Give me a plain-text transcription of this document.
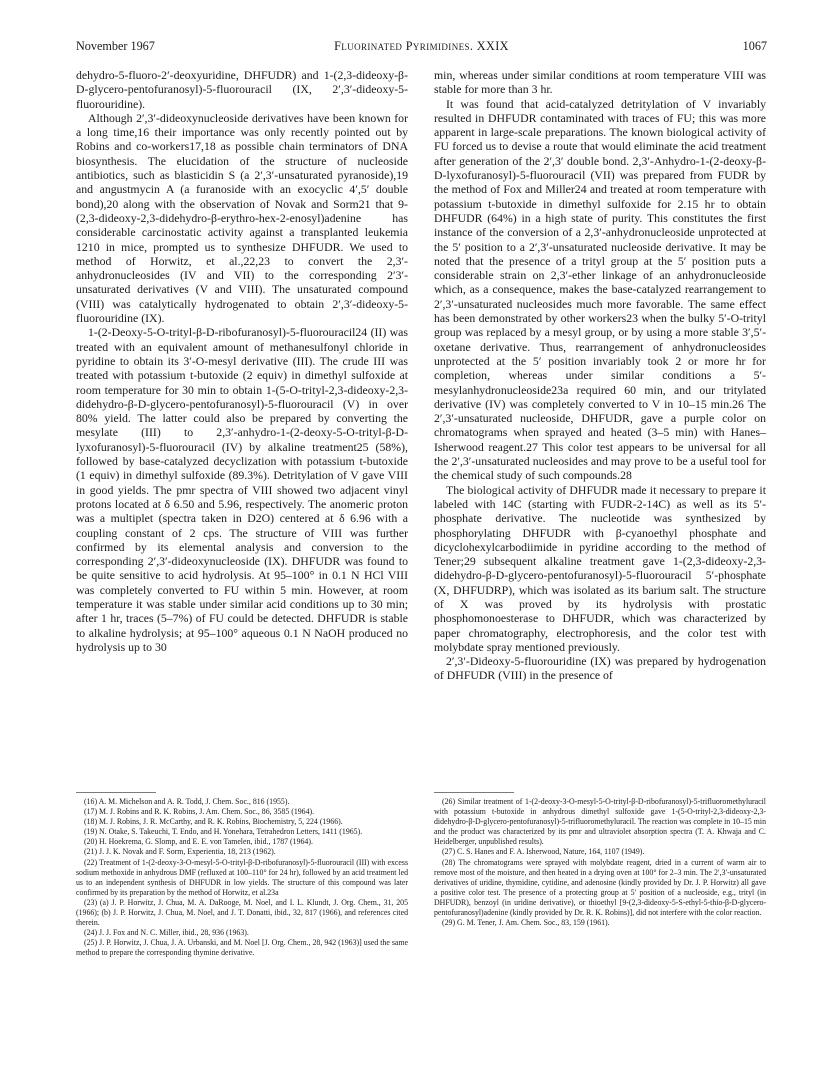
November 1967	Fluorinated Pyrimidines. XXIX	1067

dehydro-5-fluoro-2′-deoxyuridine, DHFUDR) and 1-(2,3-dideoxy-β-D-glycero-pentofuranosyl)-5-fluorouracil (IX, 2′,3′-dideoxy-5-fluorouridine).

Although 2′,3′-dideoxynucleoside derivatives have been known for a long time,16 their importance was only recently pointed out by Robins and co-workers17,18 as possible chain terminators of DNA biosynthesis. The elucidation of the structure of nucleoside antibiotics, such as blasticidin S (a 2′,3′-unsaturated pyranoside),19 and angustmycin A (a furanoside with an exocyclic 4′,5′ double bond),20 along with the observation of Novak and Sorm21 that 9-(2,3-dideoxy-2,3-didehydro-β-erythro-hex-2-enosyl)adenine has considerable carcinostatic activity against a transplanted leukemia 1210 in mice, prompted us to synthesize DHFUDR. We used to method of Horwitz, et al.,22,23 to convert the 2,3′-anhydronucleosides (IV and VII) to the corresponding 2′3′-unsaturated derivatives (V and VIII). The unsaturated compound (VIII) was catalytically hydrogenated to obtain 2′,3′-dideoxy-5-fluorouridine (IX).

1-(2-Deoxy-5-O-trityl-β-D-ribofuranosyl)-5-fluorouracil24 (II) was treated with an equivalent amount of methanesulfonyl chloride in pyridine to obtain its 3′-O-mesyl derivative (III). The crude III was treated with potassium t-butoxide (2 equiv) in dimethyl sulfoxide at room temperature for 30 min to obtain 1-(5-O-trityl-2,3-dideoxy-2,3-didehydro-β-D-glycero-pentofuranosyl)-5-fluorouracil (V) in over 80% yield. The latter could also be prepared by converting the mesylate (III) to 2,3′-anhydro-1-(2-deoxy-5-O-trityl-β-D-lyxofuranosyl)-5-fluorouracil (IV) by alkaline treatment25 (58%), followed by base-catalyzed decyclization with potassium t-butoxide (1 equiv) in dimethyl sulfoxide (89.3%). Detritylation of V gave VIII in good yields. The pmr spectra of VIII showed two adjacent vinyl protons located at δ 6.50 and 5.96, respectively. The anomeric proton was a multiplet (spectra taken in D2O) centered at δ 6.96 with a coupling constant of 2 cps. The structure of VIII was further confirmed by its elemental analysis and conversion to the corresponding 2′,3′-dideoxynucleoside (IX). DHFUDR was found to be quite sensitive to acid hydrolysis. At 95–100° in 0.1 N HCl VIII was completely converted to FU within 5 min. However, at room temperature it was stable under similar acid conditions up to 30 min; after 1 hr, traces (5–7%) of FU could be detected. DHFUDR is stable to alkaline hydrolysis; at 95–100° aqueous 0.1 N NaOH produced no hydrolysis up to 30

min, whereas under similar conditions at room temperature VIII was stable for more than 3 hr.

It was found that acid-catalyzed detritylation of V invariably resulted in DHFUDR contaminated with traces of FU; this was more apparent in large-scale preparations. The known biological activity of FU forced us to devise a route that would eliminate the acid treatment after generation of the 2′,3′ double bond. 2,3′-Anhydro-1-(2-deoxy-β-D-lyxofuranosyl)-5-fluorouracil (VII) was prepared from FUDR by the method of Fox and Miller24 and treated at room temperature with potassium t-butoxide in dimethyl sulfoxide for 2.15 hr to obtain DHFUDR (64%) in a high state of purity. This constitutes the first instance of the conversion of a 2,3′-anhydronucleoside unprotected at the 5′ position to a 2′,3′-unsaturated nucleoside derivative. It may be noted that the presence of a trityl group at the 5′ position puts a considerable strain on 2,3′-ether linkage of an anhydronucleoside which, as a consequence, makes the base-catalyzed rearrangement to 2′,3′-unsaturated nucleosides much more favorable. The same effect has been demonstrated by other workers23 when the bulky 5′-O-trityl group was replaced by a mesyl group, or by using a more stable 3′,5′-oxetane derivative. Thus, rearrangement of anhydronucleosides unprotected at the 5′ position invariably took 2 or more hr for completion, whereas under similar conditions a 5′-mesylanhydronucleoside23a required 60 min, and our tritylated derivative (IV) was completely converted to V in 10–15 min.26 The 2′,3′-unsaturated nucleoside, DHFUDR, gave a purple color on chromatograms when sprayed and heated (3–5 min) with Hanes–Isherwood reagent.27 This color test appears to be universal for all the 2′,3′-unsaturated nucleosides and may prove to be a useful tool for the chemical study of such compounds.28

The biological activity of DHFUDR made it necessary to prepare it labeled with 14C (starting with FUDR-2-14C) as well as its 5′-phosphate derivative. The nucleotide was synthesized by phosphorylating DHFUDR with β-cyanoethyl phosphate and dicyclohexylcarbodiimide in pyridine according to the method of Tener;29 subsequent alkaline treatment gave 1-(2,3-dideoxy-2,3-didehydro-β-D-glycero-pentofuranosyl)-5-fluorouracil 5′-phosphate (X, DHFUDRP), which was isolated as its barium salt. The structure of X was proved by its hydrolysis with prostatic phosphomonoesterase to DHFUDR, which was characterized by paper chromatography, electrophoresis, and the color test with molybdate spray mentioned previously.

2′,3′-Dideoxy-5-fluorouridine (IX) was prepared by hydrogenation of DHFUDR (VIII) in the presence of

(16) A. M. Michelson and A. R. Todd, J. Chem. Soc., 816 (1955).

(17) M. J. Robins and R. K. Robins, J. Am. Chem. Soc., 86, 3585 (1964).

(18) M. J. Robins, J. R. McCarthy, and R. K. Robins, Biochemistry, 5, 224 (1966).

(19) N. Otake, S. Takeuchi, T. Endo, and H. Yonehara, Tetrahedron Letters, 1411 (1965).

(20) H. Hoekrema, G. Slomp, and E. E. von Tamelen, ibid., 1787 (1964).

(21) J. J. K. Novak and F. Sorm, Experientia, 18, 213 (1962).

(22) Treatment of 1-(2-deoxy-3-O-mesyl-5-O-trityl-β-D-ribofuranosyl)-5-fluorouracil (III) with excess sodium methoxide in anhydrous DMF (refluxed at 100–110° for 24 hr), followed by an acid treatment led us to an independent synthesis of DHFUDR in low yields. The structure of this compound was later confirmed by its preparation by the method of Horwitz, et al.23a

(23) (a) J. P. Horwitz, J. Chua, M. A. DaRooge, M. Noel, and I. L. Klundt, J. Org. Chem., 31, 205 (1966); (b) J. P. Horwitz, J. Chua, M. Noel, and J. T. Donatti, ibid., 32, 817 (1966), and references cited therein.

(24) J. J. Fox and N. C. Miller, ibid., 28, 936 (1963).

(25) J. P. Horwitz, J. Chua, J. A. Urbanski, and M. Noel [J. Org. Chem., 28, 942 (1963)] used the same method to prepare the corresponding thymine derivative.

(26) Similar treatment of 1-(2-deoxy-3-O-mesyl-5-O-trityl-β-D-ribofuranosyl)-5-trifluoromethyluracil with potassium t-butoxide in anhydrous dimethyl sulfoxide gave 1-(5-O-trityl-2,3-dideoxy-2,3-didehydro-β-D-glycero-pentofuranosyl)-5-trifluoromethyluracil. The reaction was complete in 10–15 min and the product was characterized by its pmr and ultraviolet absorption spectra (T. A. Khwaja and C. Heidelberger, unpublished results).

(27) C. S. Hanes and F. A. Isherwood, Nature, 164, 1107 (1949).

(28) The chromatograms were sprayed with molybdate reagent, dried in a current of warm air to remove most of the moisture, and then heated in a drying oven at 100° for 2–3 min. The 2′,3′-unsaturated derivatives of uridine, thymidine, cytidine, and adenosine (kindly provided by Dr. J. P. Horwitz) all gave a positive color test. The presence of a protecting group at 5′ position of a nucleoside, e.g., trityl (in DHFUDR), benzoyl (in uridine derivative), or thioethyl [9-(2,3-dideoxy-5-S-ethyl-5-thio-β-D-glycero-pentofuranosyl)adenine (kindly provided by Dr. R. K. Robins)], did not interfere with the color reaction.

(29) G. M. Tener, J. Am. Chem. Soc., 83, 159 (1961).
